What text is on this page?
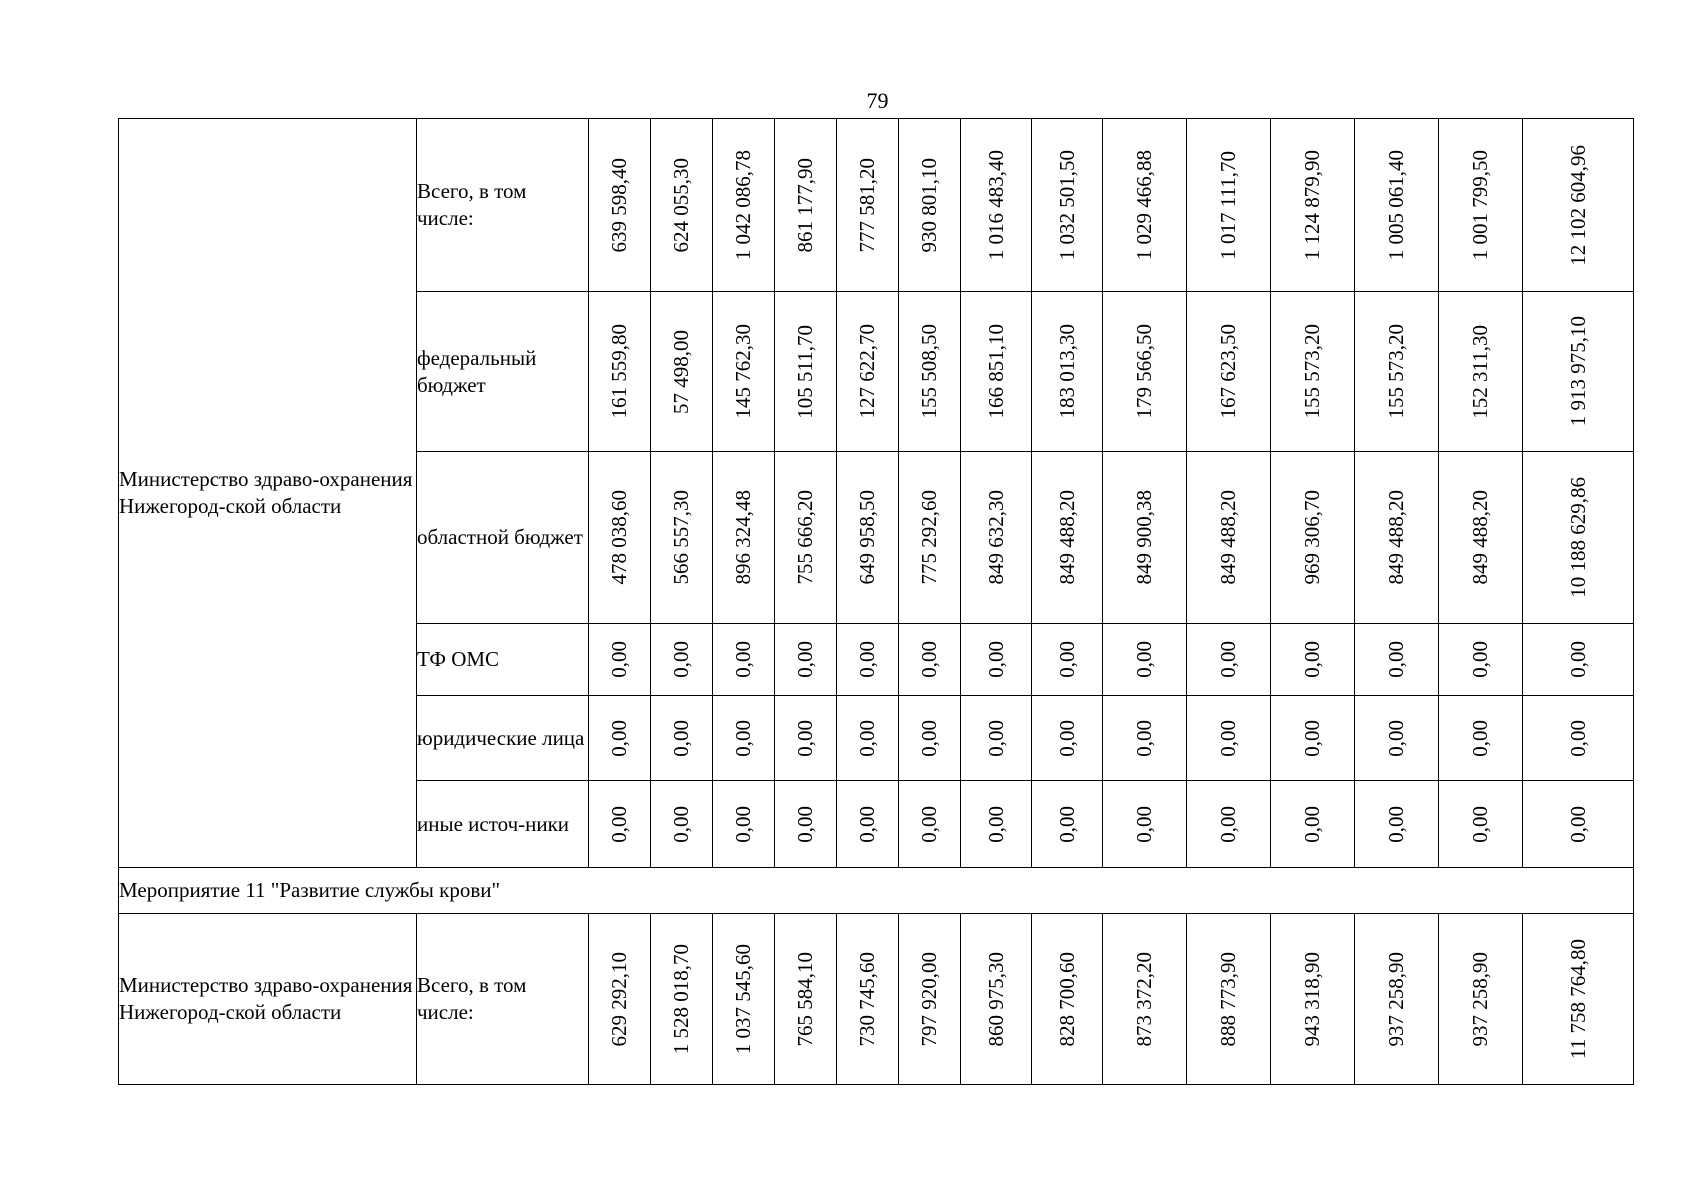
79
Министерство здраво-охранения Нижегород-ской области	Всего, в том числе:	639 598,40	624 055,30	1 042 086,78	861 177,90	777 581,20	930 801,10	1 016 483,40	1 032 501,50	1 029 466,88	1 017 111,70	1 124 879,90	1 005 061,40	1 001 799,50	12 102 604,96

	федеральный бюджет	161 559,80	57 498,00	145 762,30	105 511,70	127 622,70	155 508,50	166 851,10	183 013,30	179 566,50	167 623,50	155 573,20	155 573,20	152 311,30	1 913 975,10

	областной бюджет	478 038,60	566 557,30	896 324,48	755 666,20	649 958,50	775 292,60	849 632,30	849 488,20	849 900,38	849 488,20	969 306,70	849 488,20	849 488,20	10 188 629,86

	ТФ ОМС	0,00	0,00	0,00	0,00	0,00	0,00	0,00	0,00	0,00	0,00	0,00	0,00	0,00	0,00

	юридические лица	0,00	0,00	0,00	0,00	0,00	0,00	0,00	0,00	0,00	0,00	0,00	0,00	0,00	0,00

	иные источ-ники	0,00	0,00	0,00	0,00	0,00	0,00	0,00	0,00	0,00	0,00	0,00	0,00	0,00	0,00

Мероприятие 11 "Развитие службы крови"															
Министерство здраво-охранения Нижегород-ской области	Всего, в том числе:	629 292,10	1 528 018,70	1 037 545,60	765 584,10	730 745,60	797 920,00	860 975,30	828 700,60	873 372,20	888 773,90	943 318,90	937 258,90	937 258,90	11 758 764,80
